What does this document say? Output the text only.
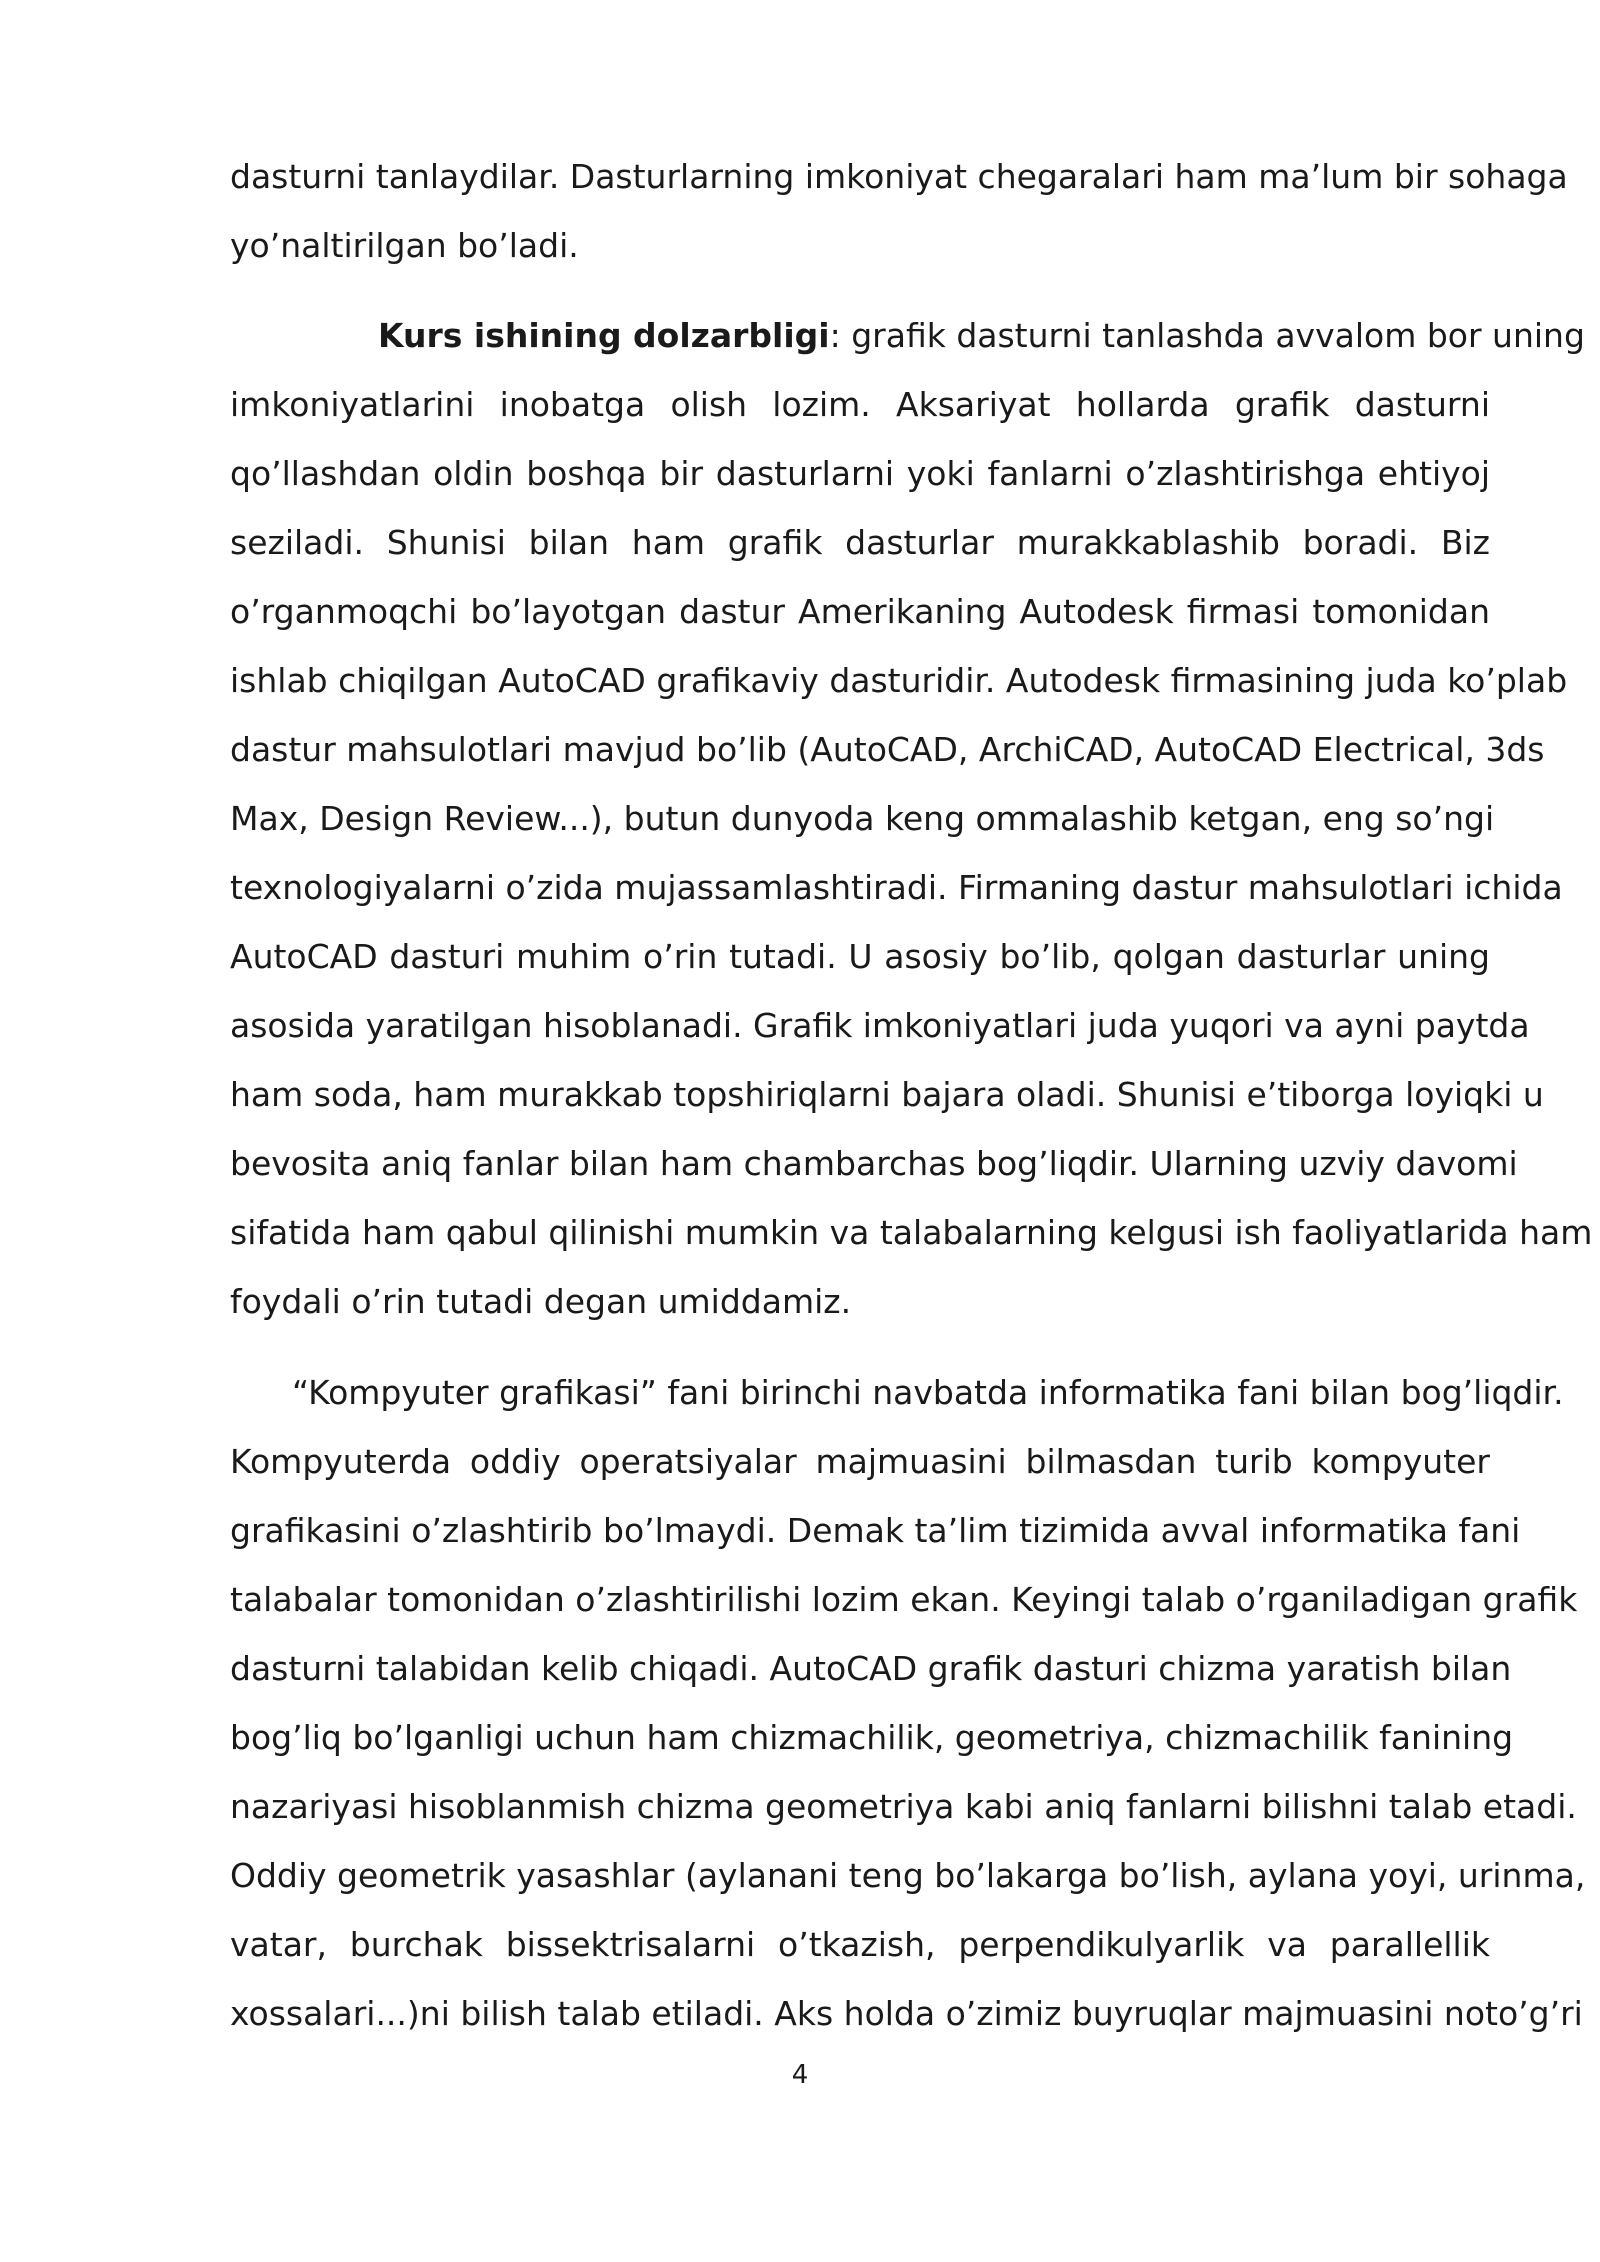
dasturni tanlaydilar. Dasturlarning imkoniyat chegaralari ham ma’lum bir sohaga
yo’naltirilgan bo’ladi.
Kurs ishining dolzarbligi: grafik dasturni tanlashda avvalom bor uning
imkoniyatlarini inobatga olish lozim. Aksariyat hollarda grafik dasturni
qo’llashdan oldin boshqa bir dasturlarni yoki fanlarni o’zlashtirishga ehtiyoj
seziladi. Shunisi bilan ham grafik dasturlar murakkablashib boradi. Biz
o’rganmoqchi bo’layotgan dastur Amerikaning Autodesk firmasi tomonidan
ishlab chiqilgan AutoCAD grafikaviy dasturidir. Autodesk firmasining juda ko’plab
dastur mahsulotlari mavjud bo’lib (AutoCAD, ArchiCAD, AutoCAD Electrical, 3ds
Max, Design Review...), butun dunyoda keng ommalashib ketgan, eng so’ngi
texnologiyalarni o’zida mujassamlashtiradi. Firmaning dastur mahsulotlari ichida
AutoCAD dasturi muhim o’rin tutadi. U asosiy bo’lib, qolgan dasturlar uning
asosida yaratilgan hisoblanadi. Grafik imkoniyatlari juda yuqori va ayni paytda
ham soda, ham murakkab topshiriqlarni bajara oladi. Shunisi e’tiborga loyiqki u
bevosita aniq fanlar bilan ham chambarchas bog’liqdir. Ularning uzviy davomi
sifatida ham qabul qilinishi mumkin va talabalarning kelgusi ish faoliyatlarida ham
foydali o’rin tutadi degan umiddamiz.
“Kompyuter grafikasi” fani birinchi navbatda informatika fani bilan bog’liqdir.
Kompyuterda oddiy operatsiyalar majmuasini bilmasdan turib kompyuter
grafikasini o’zlashtirib bo’lmaydi. Demak ta’lim tizimida avval informatika fani
talabalar tomonidan o’zlashtirilishi lozim ekan. Keyingi talab o’rganiladigan grafik
dasturni talabidan kelib chiqadi. AutoCAD grafik dasturi chizma yaratish bilan
bog’liq bo’lganligi uchun ham chizmachilik, geometriya, chizmachilik fanining
nazariyasi hisoblanmish chizma geometriya kabi aniq fanlarni bilishni talab etadi.
Oddiy geometrik yasashlar (aylanani teng bo’lakarga bo’lish, aylana yoyi, urinma,
vatar, burchak bissektrisalarni o’tkazish, perpendikulyarlik va parallellik
xossalari...)ni bilish talab etiladi. Aks holda o’zimiz buyruqlar majmuasini noto’g’ri
4
